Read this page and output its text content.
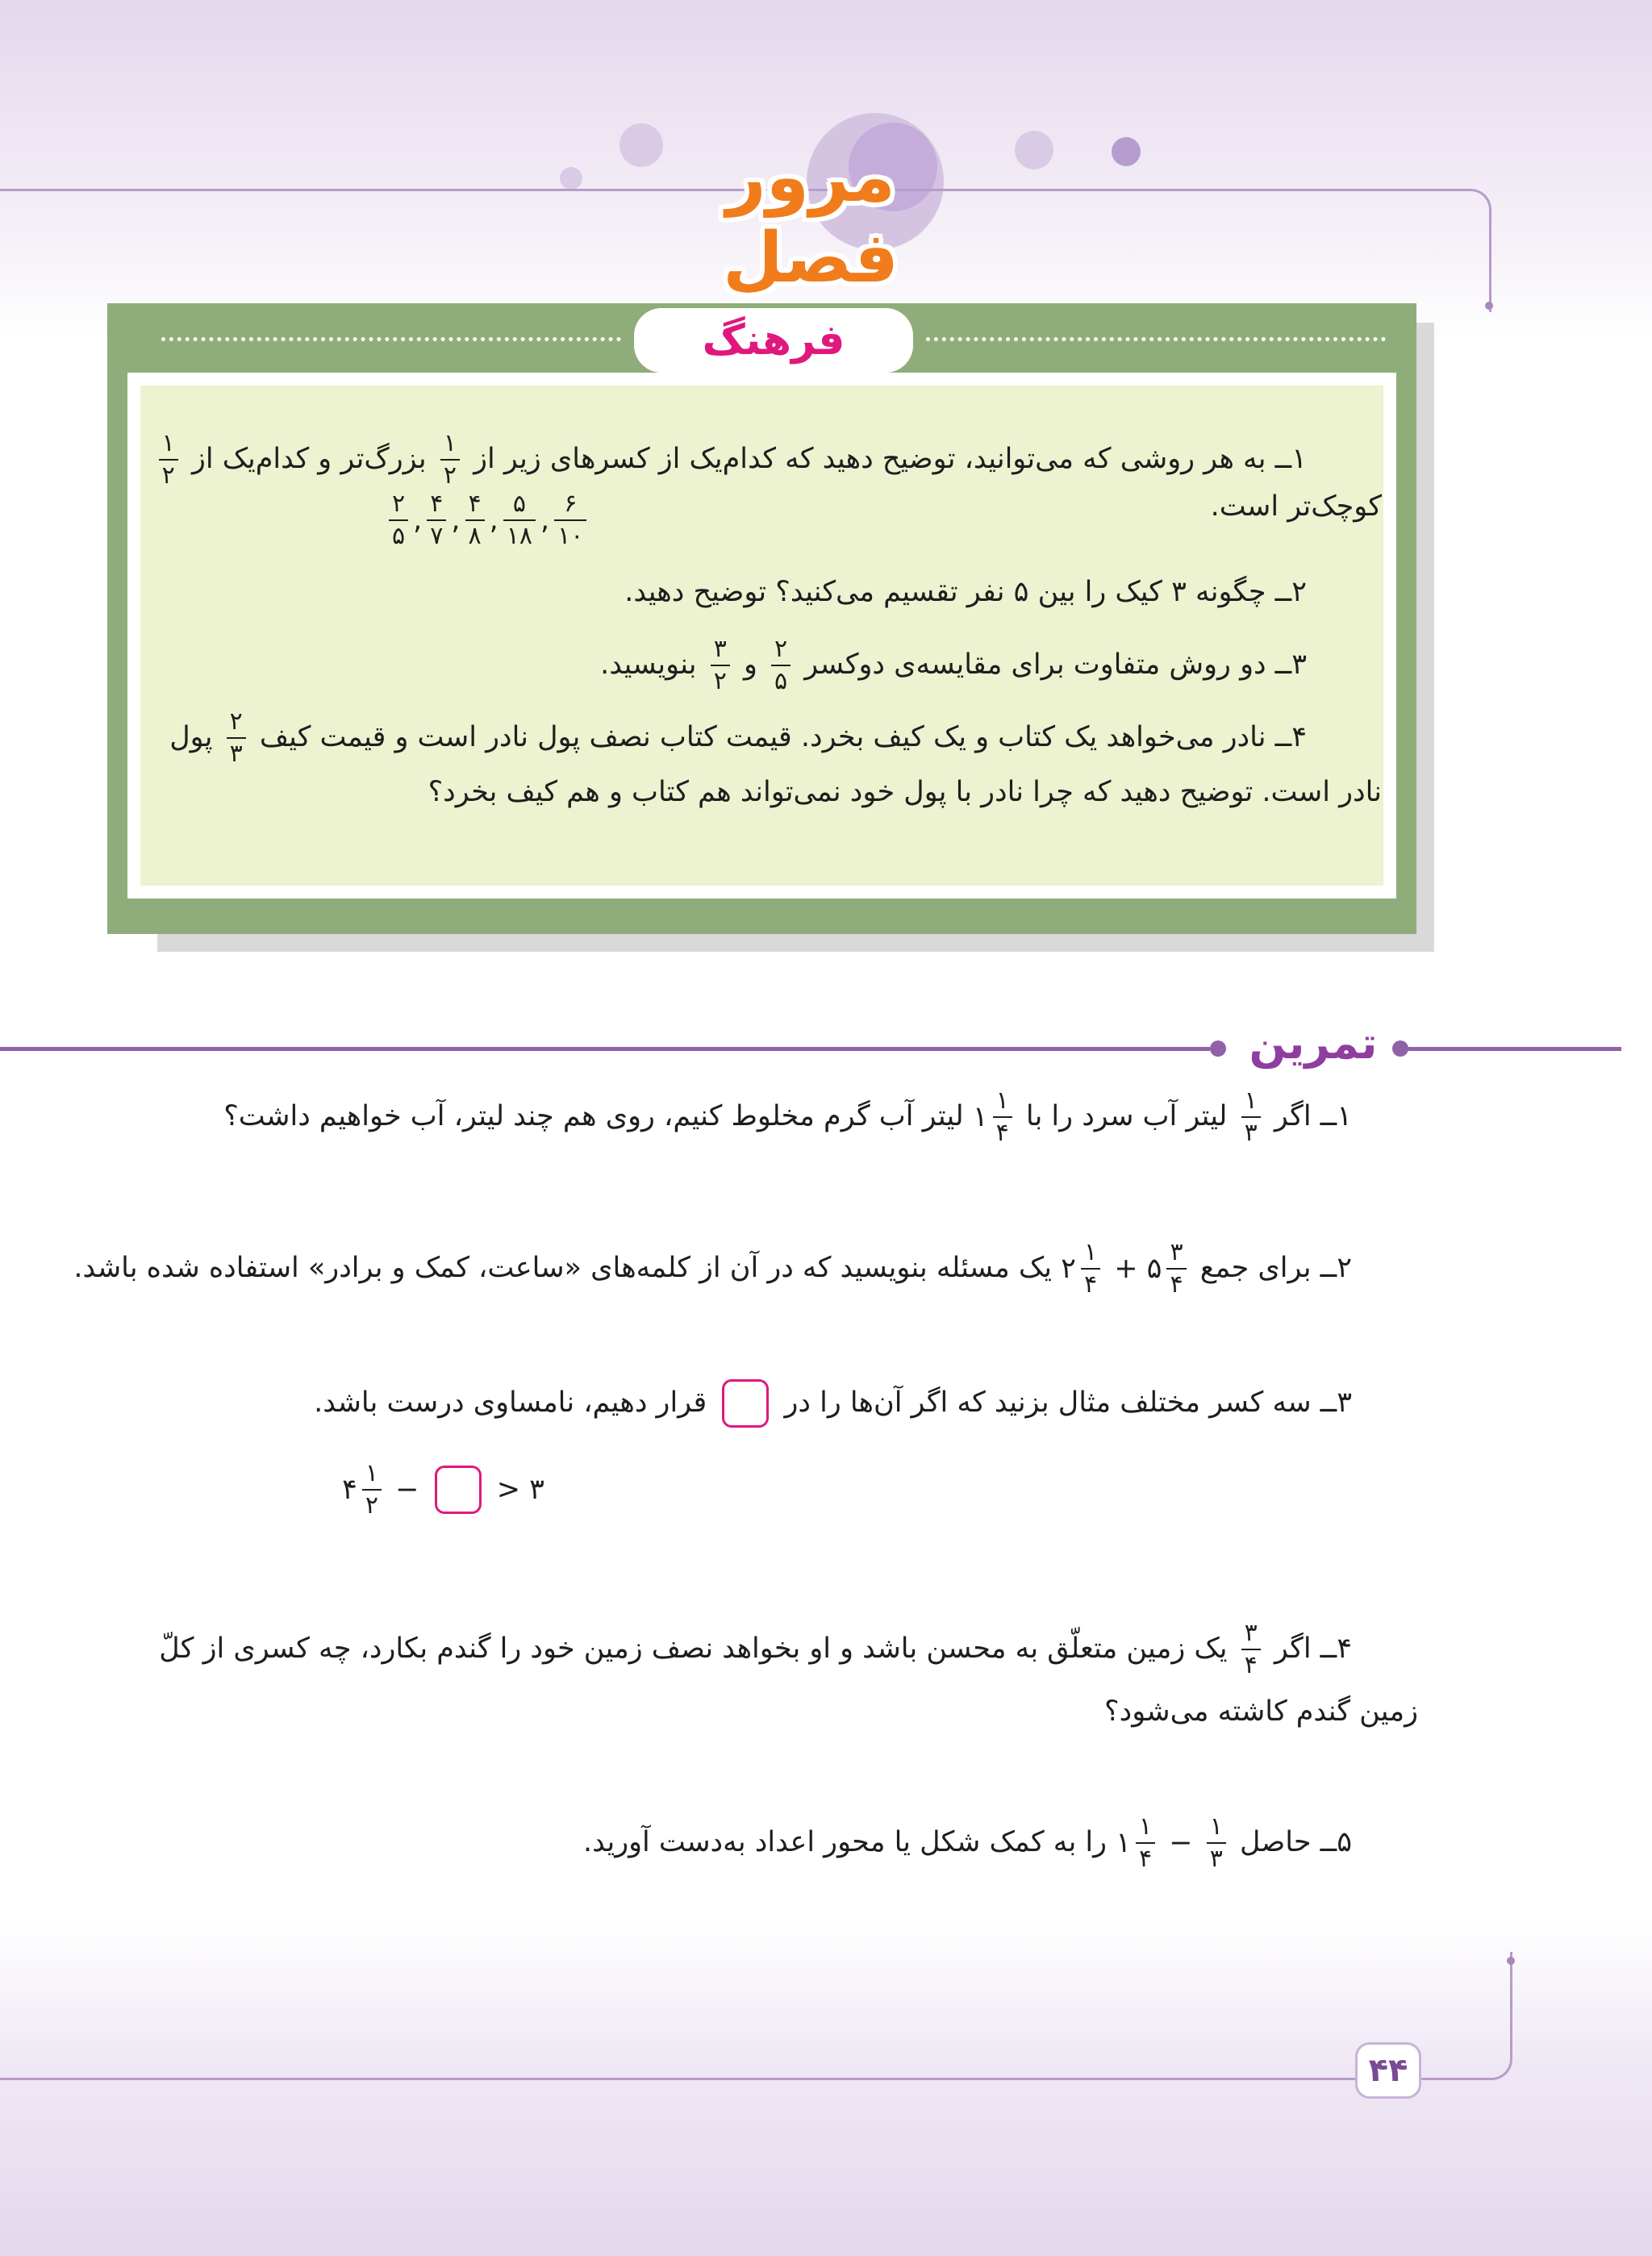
مرور فصل
فرهنگ
۱ــ به هر روشی که می‌توانید، توضیح دهید که کدام‌یک از کسرهای زیر از
$\frac{۱}{۲}$
بزرگ‌تر و کدام‌یک از
$\frac{۱}{۲}$
کوچک‌تر است.
$\frac{۲}{۵}$ , $\frac{۴}{۷}$ , $\frac{۴}{۸}$ , $\frac{۵}{۱۸}$ , $\frac{۶}{۱۰}$
۲ــ چگونه ۳ کیک را بین ۵ نفر تقسیم می‌کنید؟ توضیح دهید.
۳ــ دو روش متفاوت برای مقایسه‌ی دوکسر
$\frac{۲}{۵}$
و
$\frac{۳}{۲}$
بنویسید.
۴ــ نادر می‌خواهد یک کتاب و یک کیف بخرد. قیمت کتاب نصف پول نادر است و قیمت کیف
$\frac{۲}{۳}$
پول
نادر است. توضیح دهید که چرا نادر با پول خود نمی‌تواند هم کتاب و هم کیف بخرد؟
تمرین
۱ــ اگر
$\frac{۱}{۳}$
لیتر آب سرد را با ۱ $\frac{۱}{۴}$
لیتر آب گرم مخلوط کنیم، روی هم چند لیتر، آب خواهیم داشت؟
۲ــ برای جمع ۲ $\frac{۱}{۴}$ + ۵ $\frac{۳}{۴}$
یک مسئله بنویسید که در آن از کلمه‌های «ساعت، کمک و برادر» استفاده شده باشد.
۳ــ سه کسر مختلف مثال بزنید که اگر آن‌ها را در  قرار دهیم، نامساوی درست باشد.
۴ $\frac{۱}{۲}$ −	> ۳
۴ــ اگر
$\frac{۳}{۴}$
یک زمین متعلّق به محسن باشد و او بخواهد نصف زمین خود را گندم بکارد، چه کسری از کلّ
زمین گندم کاشته می‌شود؟
۵ــ حاصل ۱ $\frac{۱}{۴} - \frac{۱}{۳}$
را به کمک شکل یا محور اعداد به‌دست آورید.
۴۴
